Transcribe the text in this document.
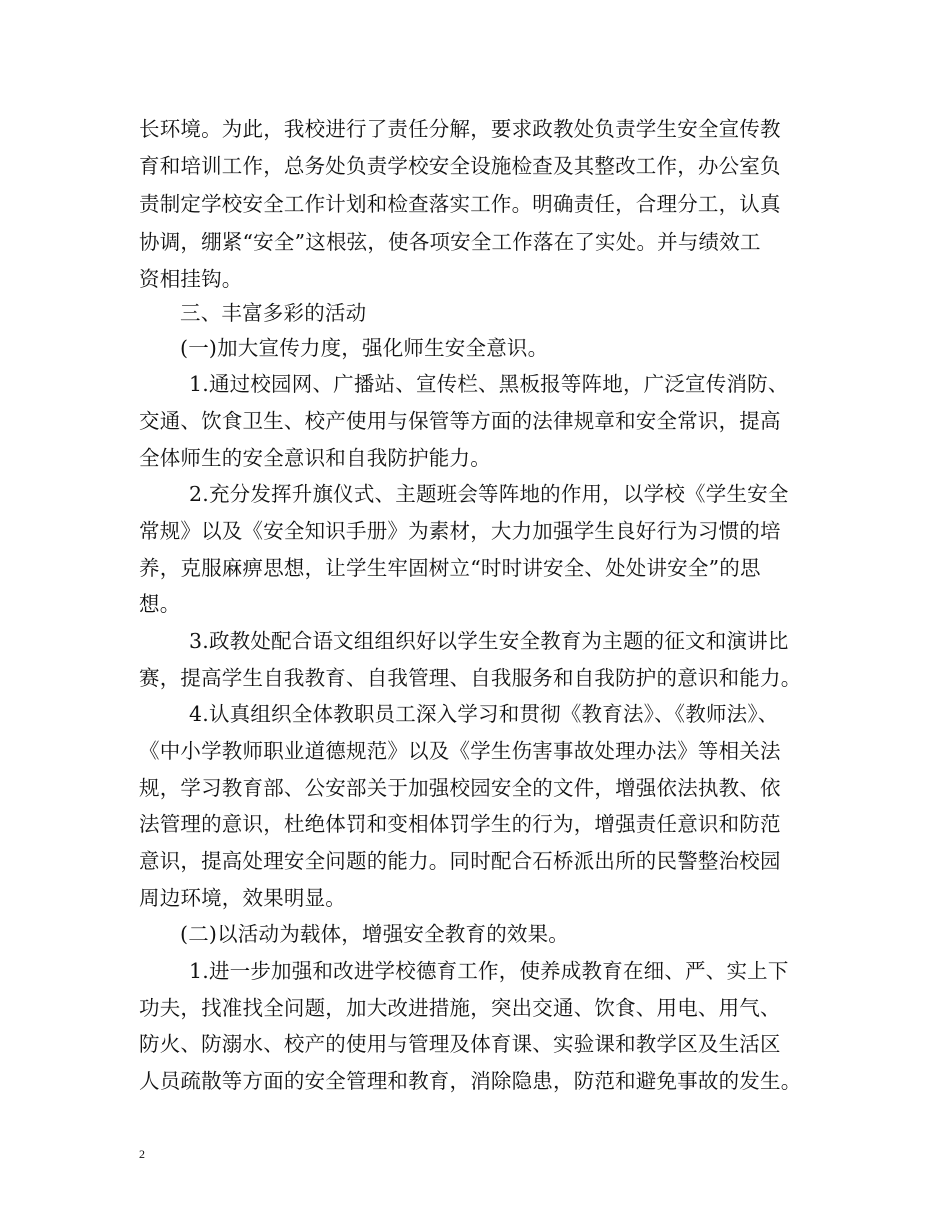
长环境。为此，我校进行了责任分解，要求政教处负责学生安全宣传教
育和培训工作，总务处负责学校安全设施检查及其整改工作，办公室负
责制定学校安全工作计划和检查落实工作。明确责任，合理分工，认真
协调，绷紧“安全”这根弦，使各项安全工作落在了实处。并与绩效工
资相挂钩。
三、丰富多彩的活动
(一)加大宣传力度，强化师生安全意识。
1.通过校园网、广播站、宣传栏、黑板报等阵地，广泛宣传消防、
交通、饮食卫生、校产使用与保管等方面的法律规章和安全常识，提高
全体师生的安全意识和自我防护能力。
2.充分发挥升旗仪式、主题班会等阵地的作用，以学校《学生安全
常规》以及《安全知识手册》为素材，大力加强学生良好行为习惯的培
养，克服麻痹思想，让学生牢固树立“时时讲安全、处处讲安全”的思
想。
3.政教处配合语文组组织好以学生安全教育为主题的征文和演讲比
赛，提高学生自我教育、自我管理、自我服务和自我防护的意识和能力。
4.认真组织全体教职员工深入学习和贯彻《教育法》、《教师法》、
《中小学教师职业道德规范》以及《学生伤害事故处理办法》等相关法
规，学习教育部、公安部关于加强校园安全的文件，增强依法执教、依
法管理的意识，杜绝体罚和变相体罚学生的行为，增强责任意识和防范
意识，提高处理安全问题的能力。同时配合石桥派出所的民警整治校园
周边环境，效果明显。
(二)以活动为载体，增强安全教育的效果。
1.进一步加强和改进学校德育工作，使养成教育在细、严、实上下
功夫，找准找全问题，加大改进措施，突出交通、饮食、用电、用气、
防火、防溺水、校产的使用与管理及体育课、实验课和教学区及生活区
人员疏散等方面的安全管理和教育，消除隐患，防范和避免事故的发生。
2
